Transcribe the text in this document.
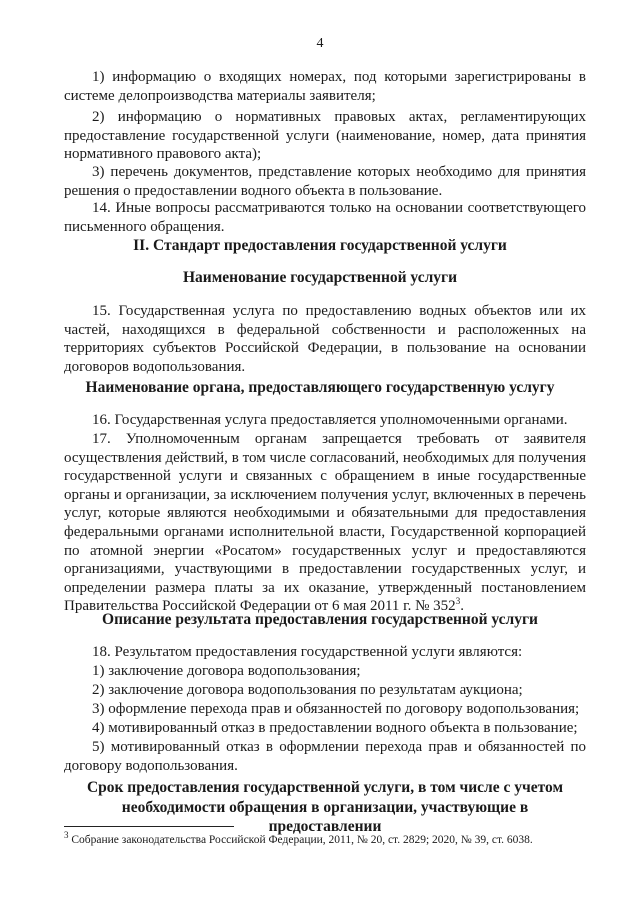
4

1) информацию о входящих номерах, под которыми зарегистрированы в системе делопроизводства материалы заявителя;

2) информацию о нормативных правовых актах, регламентирующих предоставление государственной услуги (наименование, номер, дата принятия нормативного правового акта);

3) перечень документов, представление которых необходимо для принятия решения о предоставлении водного объекта в пользование.

14. Иные вопросы рассматриваются только на основании соответствующего письменного обращения.

II. Стандарт предоставления государственной услуги
Наименование государственной услуги

15. Государственная услуга по предоставлению водных объектов или их частей, находящихся в федеральной собственности и расположенных на территориях субъектов Российской Федерации, в пользование на основании договоров водопользования.

Наименование органа, предоставляющего государственную услугу

16. Государственная услуга предоставляется уполномоченными органами.

17. Уполномоченным органам запрещается требовать от заявителя осуществления действий, в том числе согласований, необходимых для получения государственной услуги и связанных с обращением в иные государственные органы и организации, за исключением получения услуг, включенных в перечень услуг, которые являются необходимыми и обязательными для предоставления федеральными органами исполнительной власти, Государственной корпорацией по атомной энергии «Росатом» государственных услуг и предоставляются организациями, участвующими в предоставлении государственных услуг, и определении размера платы за их оказание, утвержденный постановлением Правительства Российской Федерации от 6 мая 2011 г. № $352^3$.

Описание результата предоставления государственной услуги

18. Результатом предоставления государственной услуги являются:

1) заключение договора водопользования;

2) заключение договора водопользования по результатам аукциона;

3) оформление перехода прав и обязанностей по договору водопользования;

4) мотивированный отказ в предоставлении водного объекта в пользование;

5) мотивированный отказ в оформлении перехода прав и обязанностей по договору водопользования.

Срок предоставления государственной услуги, в том числе с учетом необходимости обращения в организации, участвующие в предоставлении
$^3$ Собрание законодательства Российской Федерации, 2011, № 20, ст. 2829; 2020, № 39, ст. 6038.
